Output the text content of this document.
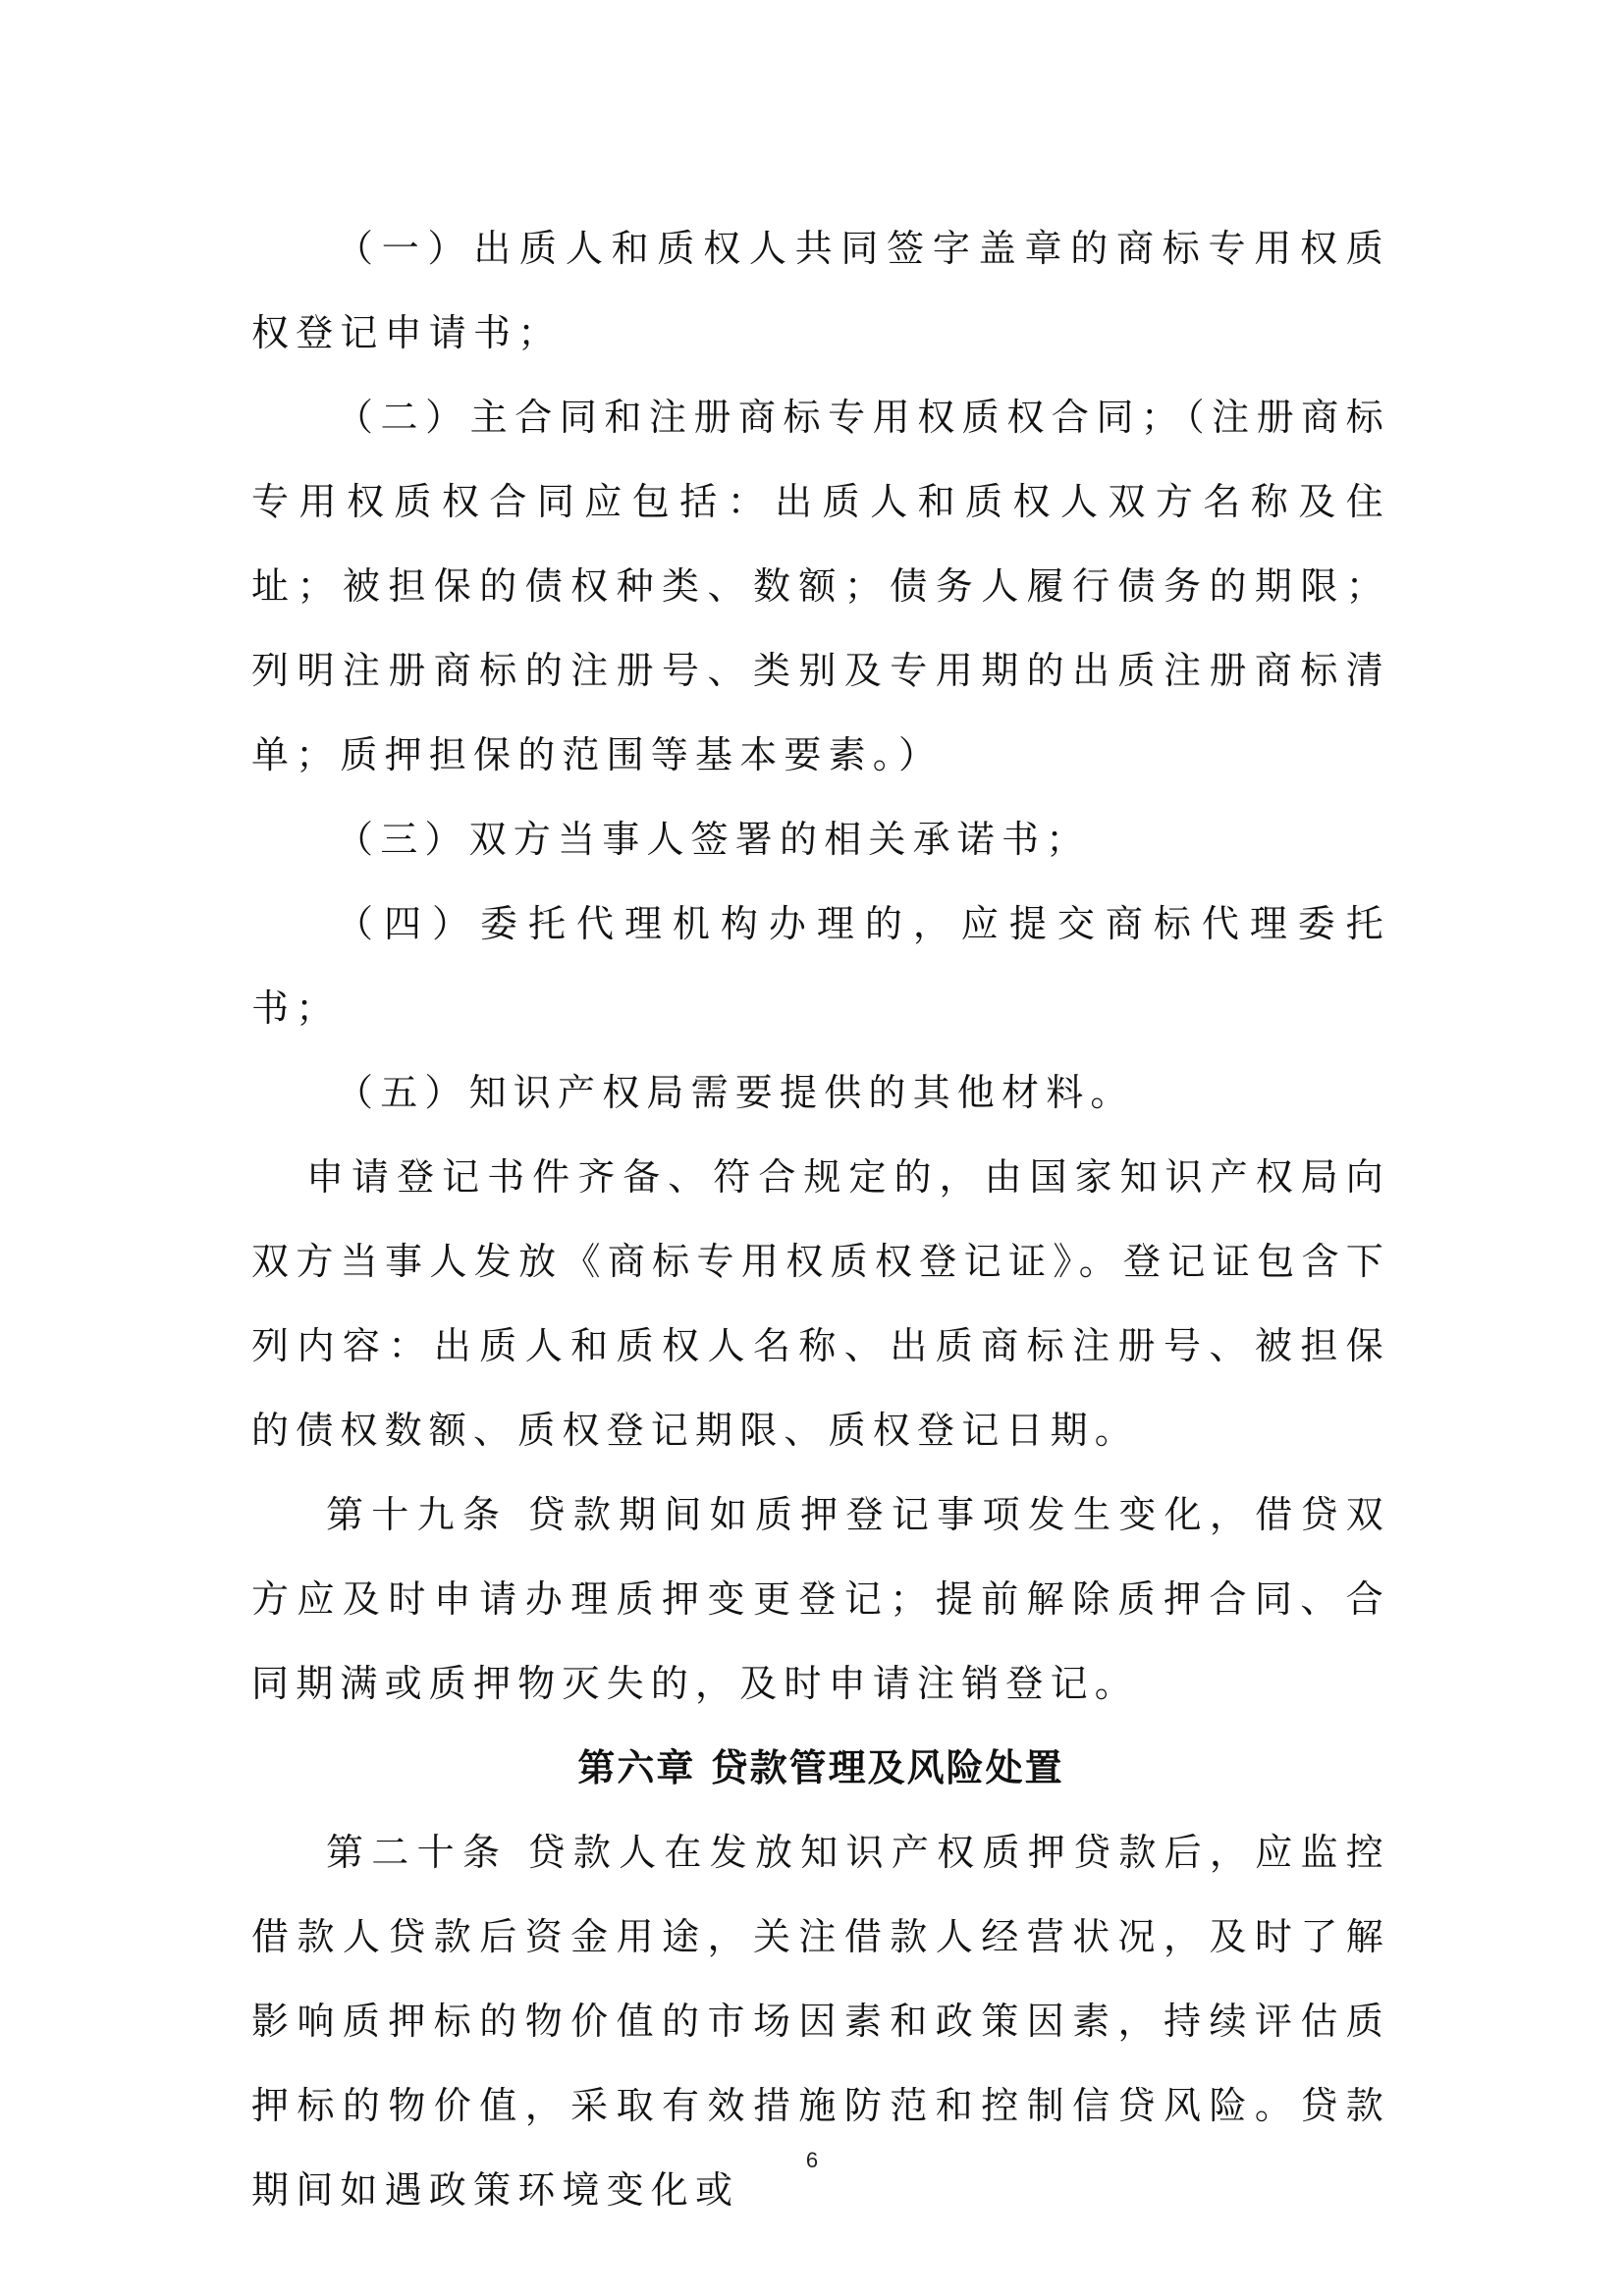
（一）出质人和质权人共同签字盖章的商标专用权质权登记申请书；

（二）主合同和注册商标专用权质权合同；（注册商标专用权质权合同应包括：出质人和质权人双方名称及住址；被担保的债权种类、数额；债务人履行债务的期限；列明注册商标的注册号、类别及专用期的出质注册商标清单；质押担保的范围等基本要素。）

（三）双方当事人签署的相关承诺书；

（四）委托代理机构办理的，应提交商标代理委托书；

（五）知识产权局需要提供的其他材料。

申请登记书件齐备、符合规定的，由国家知识产权局向双方当事人发放《商标专用权质权登记证》。登记证包含下列内容：出质人和质权人名称、出质商标注册号、被担保的债权数额、质权登记期限、质权登记日期。

第十九条 贷款期间如质押登记事项发生变化，借贷双方应及时申请办理质押变更登记；提前解除质押合同、合同期满或质押物灭失的，及时申请注销登记。

第六章 贷款管理及风险处置

第二十条 贷款人在发放知识产权质押贷款后，应监控借款人贷款后资金用途，关注借款人经营状况，及时了解影响质押标的物价值的市场因素和政策因素，持续评估质押标的物价值，采取有效措施防范和控制信贷风险。贷款期间如遇政策环境变化或

6
